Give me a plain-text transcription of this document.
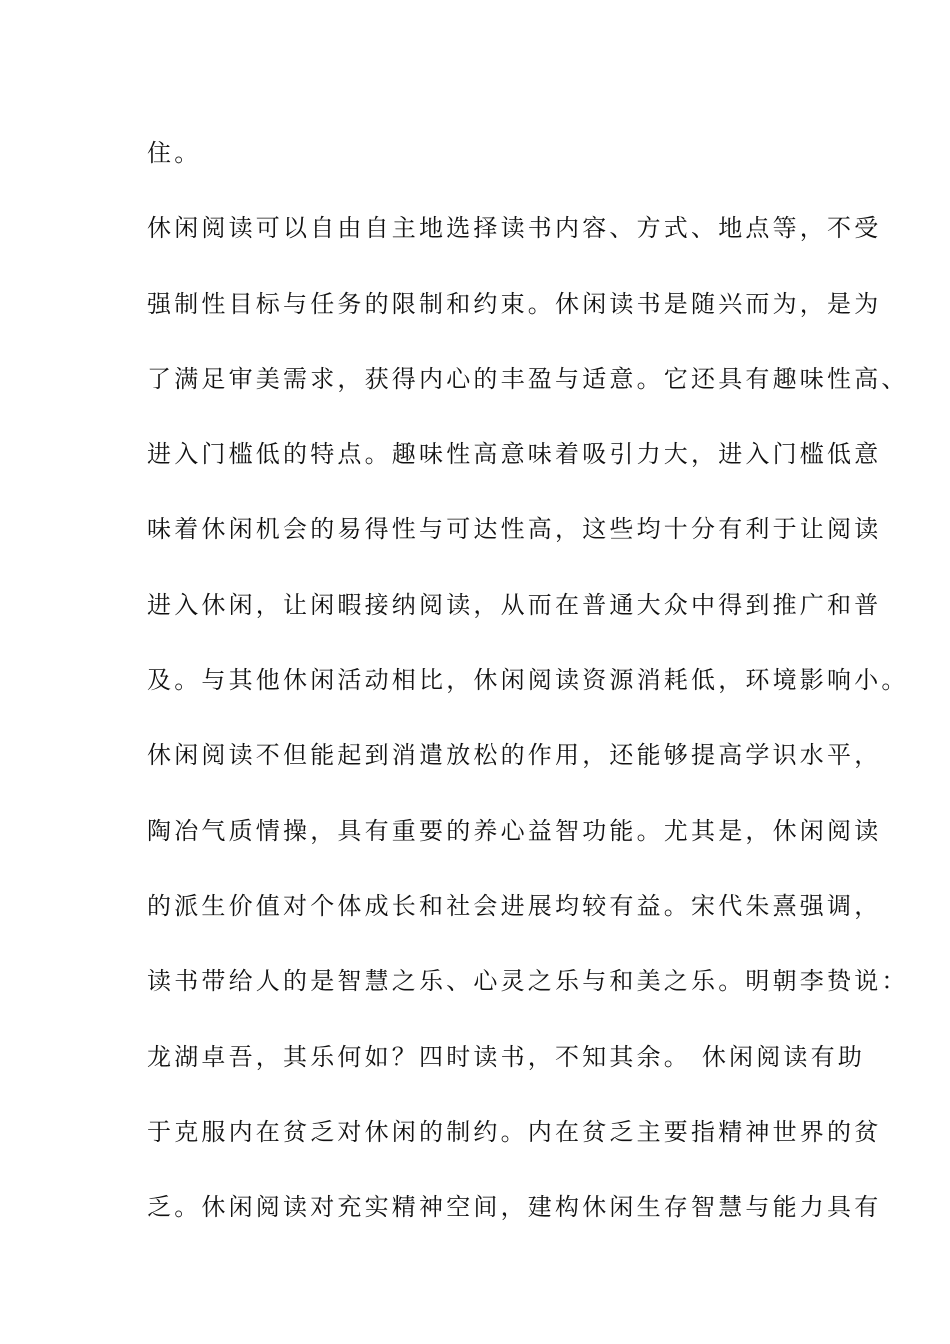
住。
休闲阅读可以自由自主地选择读书内容、方式、地点等，不受
强制性目标与任务的限制和约束。休闲读书是随兴而为，是为
了满足审美需求，获得内心的丰盈与适意。它还具有趣味性高、
进入门槛低的特点。趣味性高意味着吸引力大，进入门槛低意
味着休闲机会的易得性与可达性高，这些均十分有利于让阅读
进入休闲，让闲暇接纳阅读，从而在普通大众中得到推广和普
及。与其他休闲活动相比，休闲阅读资源消耗低，环境影响小。
休闲阅读不但能起到消遣放松的作用，还能够提高学识水平，
陶冶气质情操，具有重要的养心益智功能。尤其是，休闲阅读
的派生价值对个体成长和社会进展均较有益。宋代朱熹强调，
读书带给人的是智慧之乐、心灵之乐与和美之乐。明朝李贽说：
龙湖卓吾，其乐何如？四时读书，不知其余。 休闲阅读有助
于克服内在贫乏对休闲的制约。内在贫乏主要指精神世界的贫
乏。休闲阅读对充实精神空间，建构休闲生存智慧与能力具有
